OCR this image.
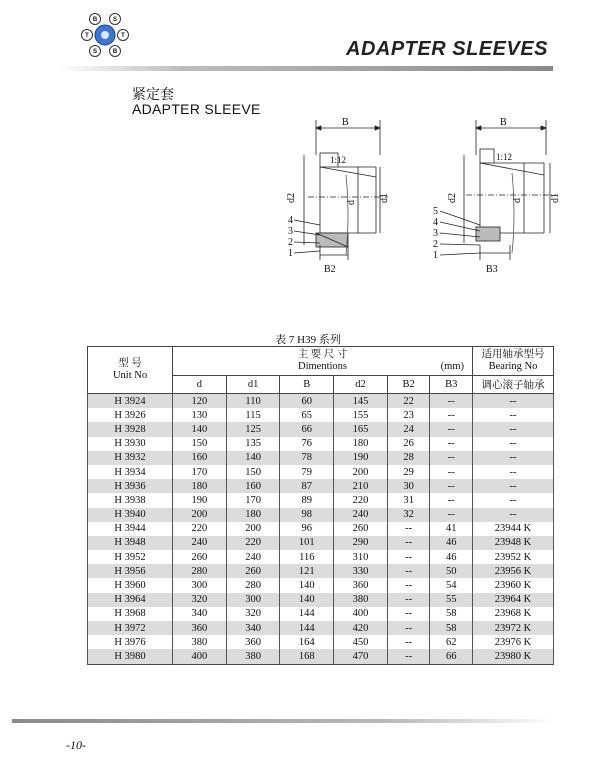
B	S
T
B
S
T
ADAPTER SLEEVES
紧定套
ADAPTER SLEEVE
B
1:12
d2	d d1
4
3
2
1
B2
B
1:12
d2	d	d1
5
4
3
2
1
B3
表 7 H39 系列
型 号
Unit No	主 要 尺 寸
Dimentions (mm)						适用轴承型号
Bearing No
	d	d1	B	d2	B2	B3	调心滚子轴承
H 3924	120	110	60	145	22	--	--
H 3926	130	115	65	155	23	--	--
H 3928	140	125	66	165	24	--	--
H 3930	150	135	76	180	26	--	--
H 3932	160	140	78	190	28	--	--
H 3934	170	150	79	200	29	--	--
H 3936	180	160	87	210	30	--	--
H 3938	190	170	89	220	31	--	--
H 3940	200	180	98	240	32	--	--
H 3944	220	200	96	260	--	41	23944 K
H 3948	240	220	101	290	--	46	23948 K
H 3952	260	240	116	310	--	46	23952 K
H 3956	280	260	121	330	--	50	23956 K
H 3960	300	280	140	360	--	54	23960 K
H 3964	320	300	140	380	--	55	23964 K
H 3968	340	320	144	400	--	58	23968 K
H 3972	360	340	144	420	--	58	23972 K
H 3976	380	360	164	450	--	62	23976 K
H 3980	400	380	168	470	--	66	23980 K
-10-
